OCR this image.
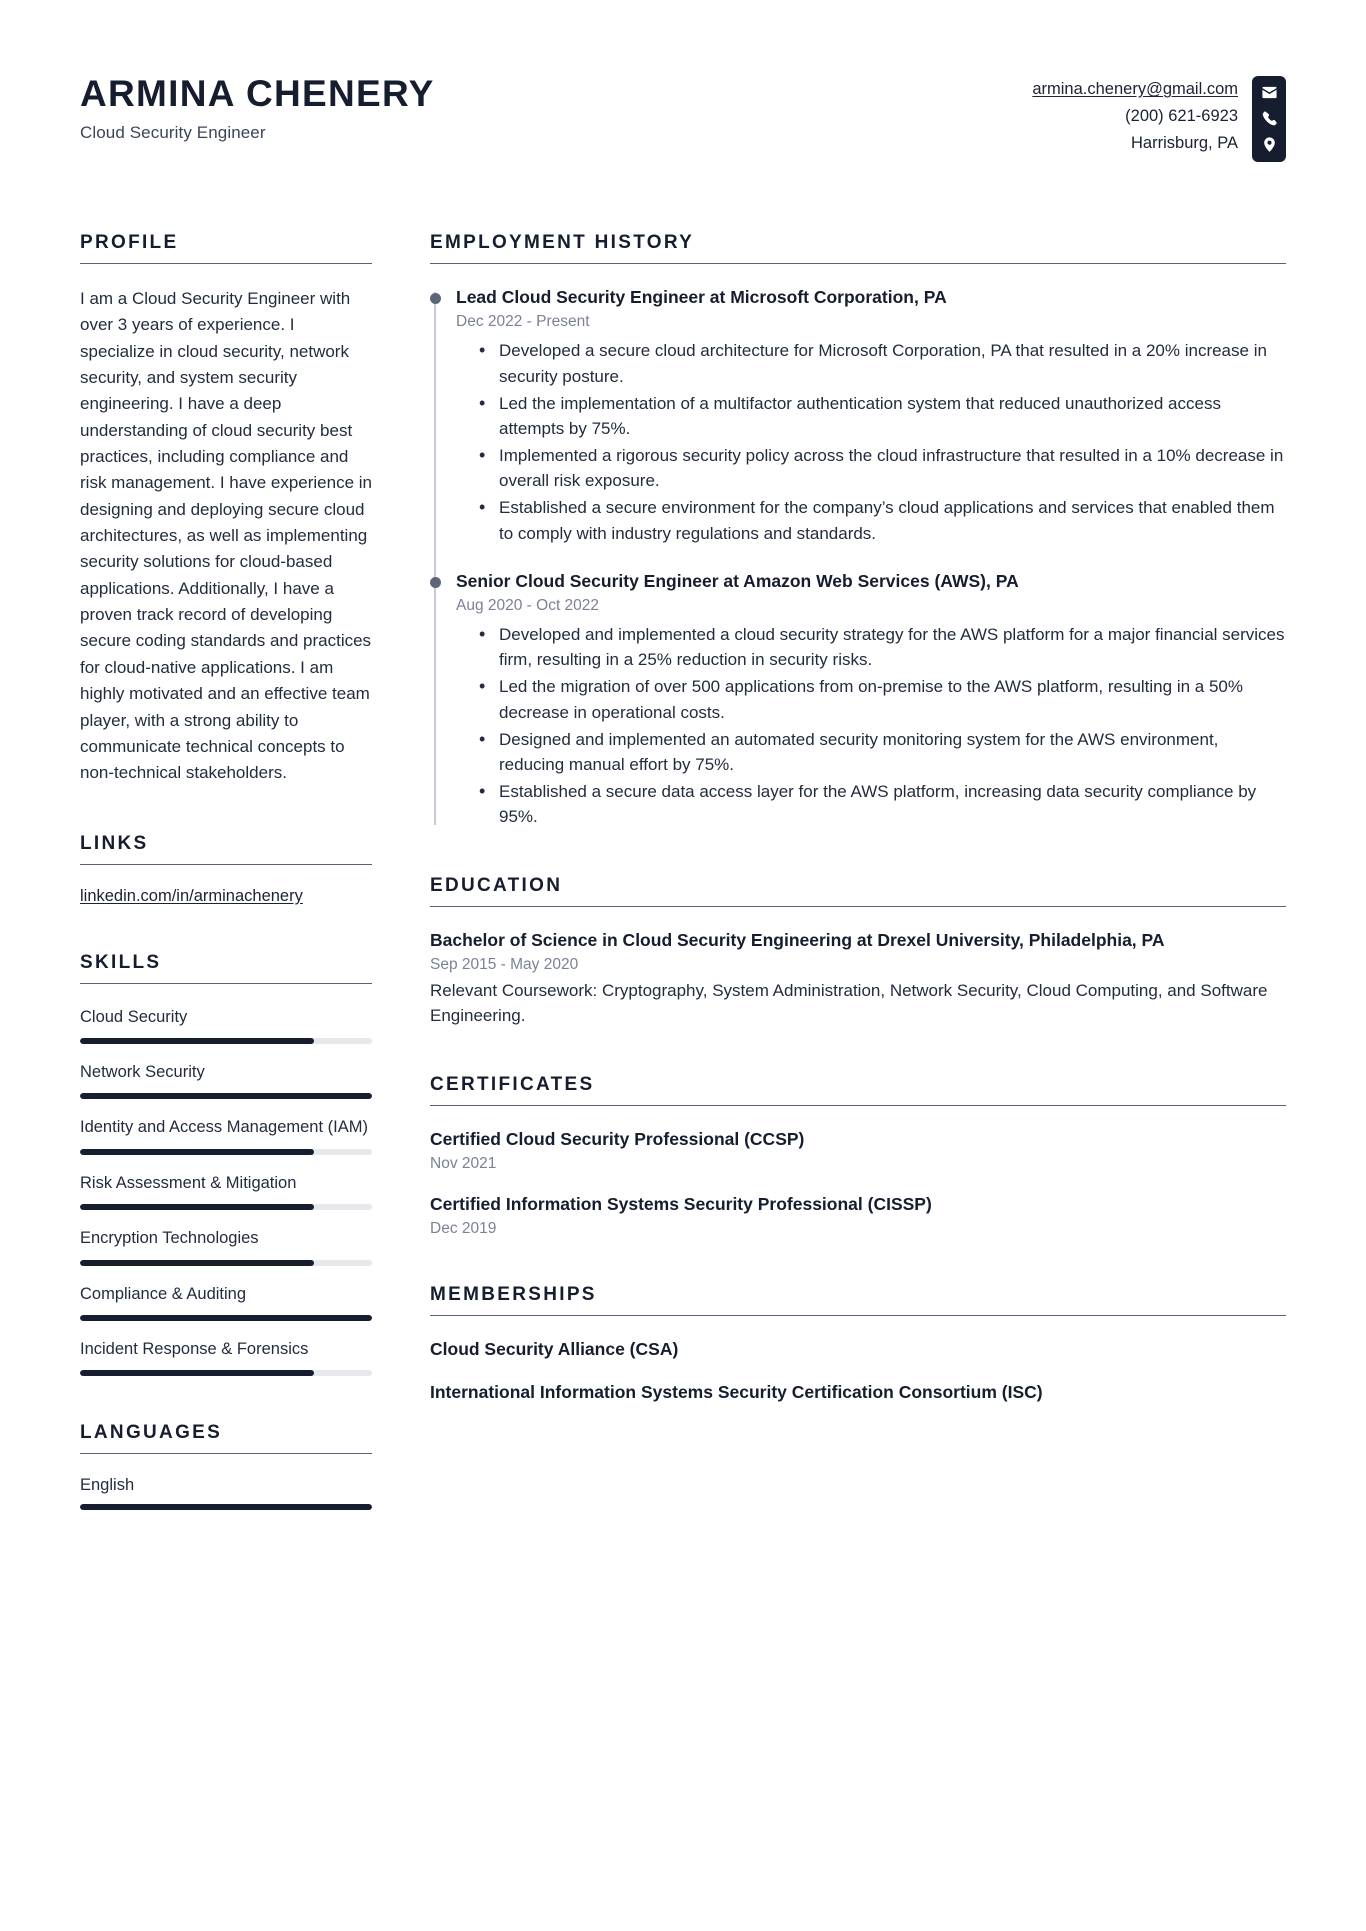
ARMINA CHENERY
Cloud Security Engineer
armina.chenery@gmail.com
(200) 621-6923
Harrisburg, PA
PROFILE
I am a Cloud Security Engineer with over 3 years of experience. I specialize in cloud security, network security, and system security engineering. I have a deep understanding of cloud security best practices, including compliance and risk management. I have experience in designing and deploying secure cloud architectures, as well as implementing security solutions for cloud-based applications. Additionally, I have a proven track record of developing secure coding standards and practices for cloud-native applications. I am highly motivated and an effective team player, with a strong ability to communicate technical concepts to non-technical stakeholders.
LINKS
linkedin.com/in/arminachenery
SKILLS
Cloud Security
Network Security
Identity and Access Management (IAM)
Risk Assessment & Mitigation
Encryption Technologies
Compliance & Auditing
Incident Response & Forensics
LANGUAGES
English
EMPLOYMENT HISTORY
Lead Cloud Security Engineer at Microsoft Corporation, PA
Dec 2022 - Present
• Developed a secure cloud architecture for Microsoft Corporation, PA that resulted in a 20% increase in security posture.
• Led the implementation of a multifactor authentication system that reduced unauthorized access attempts by 75%.
• Implemented a rigorous security policy across the cloud infrastructure that resulted in a 10% decrease in overall risk exposure.
• Established a secure environment for the company’s cloud applications and services that enabled them to comply with industry regulations and standards.
Senior Cloud Security Engineer at Amazon Web Services (AWS), PA
Aug 2020 - Oct 2022
• Developed and implemented a cloud security strategy for the AWS platform for a major financial services firm, resulting in a 25% reduction in security risks.
• Led the migration of over 500 applications from on-premise to the AWS platform, resulting in a 50% decrease in operational costs.
• Designed and implemented an automated security monitoring system for the AWS environment, reducing manual effort by 75%.
• Established a secure data access layer for the AWS platform, increasing data security compliance by 95%.
EDUCATION
Bachelor of Science in Cloud Security Engineering at Drexel University, Philadelphia, PA
Sep 2015 - May 2020
Relevant Coursework: Cryptography, System Administration, Network Security, Cloud Computing, and Software Engineering.
CERTIFICATES
Certified Cloud Security Professional (CCSP)
Nov 2021
Certified Information Systems Security Professional (CISSP)
Dec 2019
MEMBERSHIPS
Cloud Security Alliance (CSA)
International Information Systems Security Certification Consortium (ISC)
